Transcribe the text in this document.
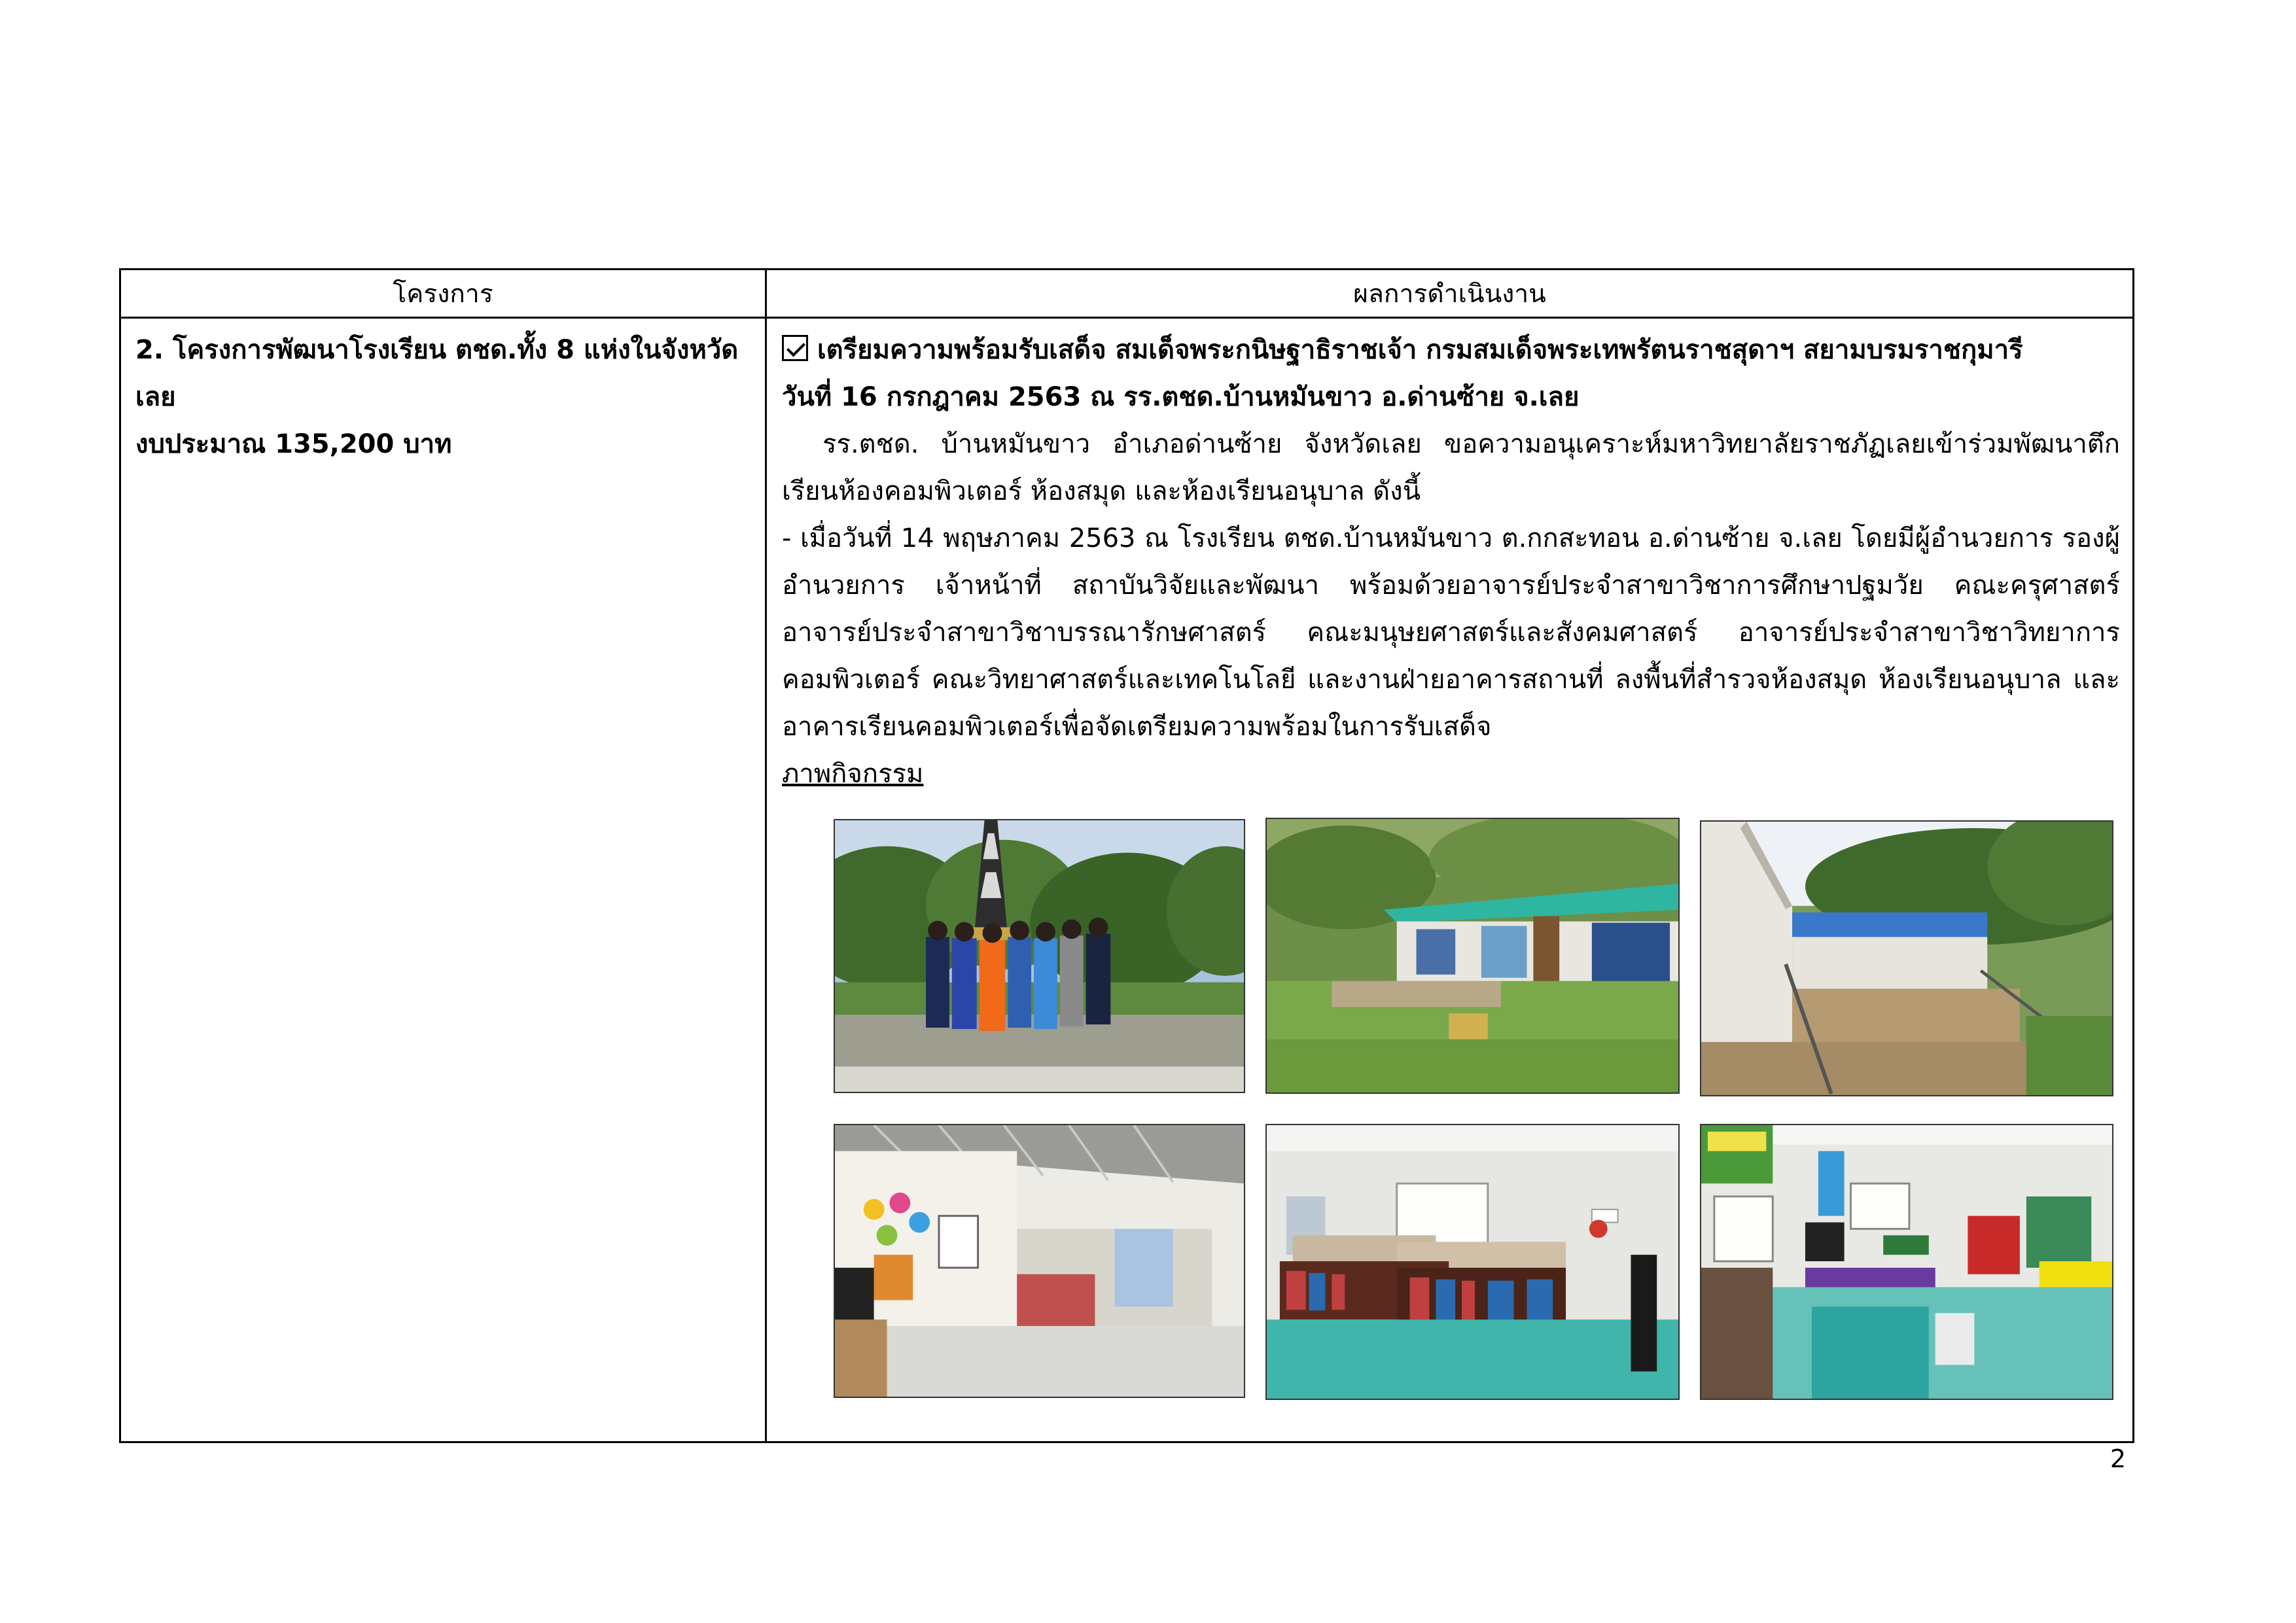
โครงการ	ผลการดำเนินงาน

2. โครงการพัฒนาโรงเรียน ตชด.ทั้ง 8 แห่งในจังหวัด

เลย

งบประมาณ 135,200 บาท

เตรียมความพร้อมรับเสด็จ สมเด็จพระกนิษฐาธิราชเจ้า กรมสมเด็จพระเทพรัตนราชสุดาฯ สยามบรมราชกุมารี

วันที่ 16 กรกฎาคม 2563 ณ รร.ตชด.บ้านหมันขาว อ.ด่านซ้าย จ.เลย

รร.ตชด. บ้านหมันขาว อำเภอด่านซ้าย จังหวัดเลย ขอความอนุเคราะห์มหาวิทยาลัยราชภัฏเลยเข้าร่วมพัฒนาตึกเรียนห้องคอมพิวเตอร์ ห้องสมุด และห้องเรียนอนุบาล ดังนี้

- เมื่อวันที่ 14 พฤษภาคม 2563 ณ โรงเรียน ตชด.บ้านหมันขาว ต.กกสะทอน อ.ด่านซ้าย จ.เลย โดยมีผู้อำนวยการ รองผู้อำนวยการ เจ้าหน้าที่ สถาบันวิจัยและพัฒนา พร้อมด้วยอาจารย์ประจำสาขาวิชาการศึกษาปฐมวัย คณะครุศาสตร์ อาจารย์ประจำสาขาวิชาบรรณารักษศาสตร์ คณะมนุษยศาสตร์และสังคมศาสตร์ อาจารย์ประจำสาขาวิชาวิทยาการคอมพิวเตอร์ คณะวิทยาศาสตร์และเทคโนโลยี และงานฝ่ายอาคารสถานที่ ลงพื้นที่สำรวจห้องสมุด ห้องเรียนอนุบาล และอาคารเรียนคอมพิวเตอร์เพื่อจัดเตรียมความพร้อมในการรับเสด็จ

ภาพกิจกรรม

2
